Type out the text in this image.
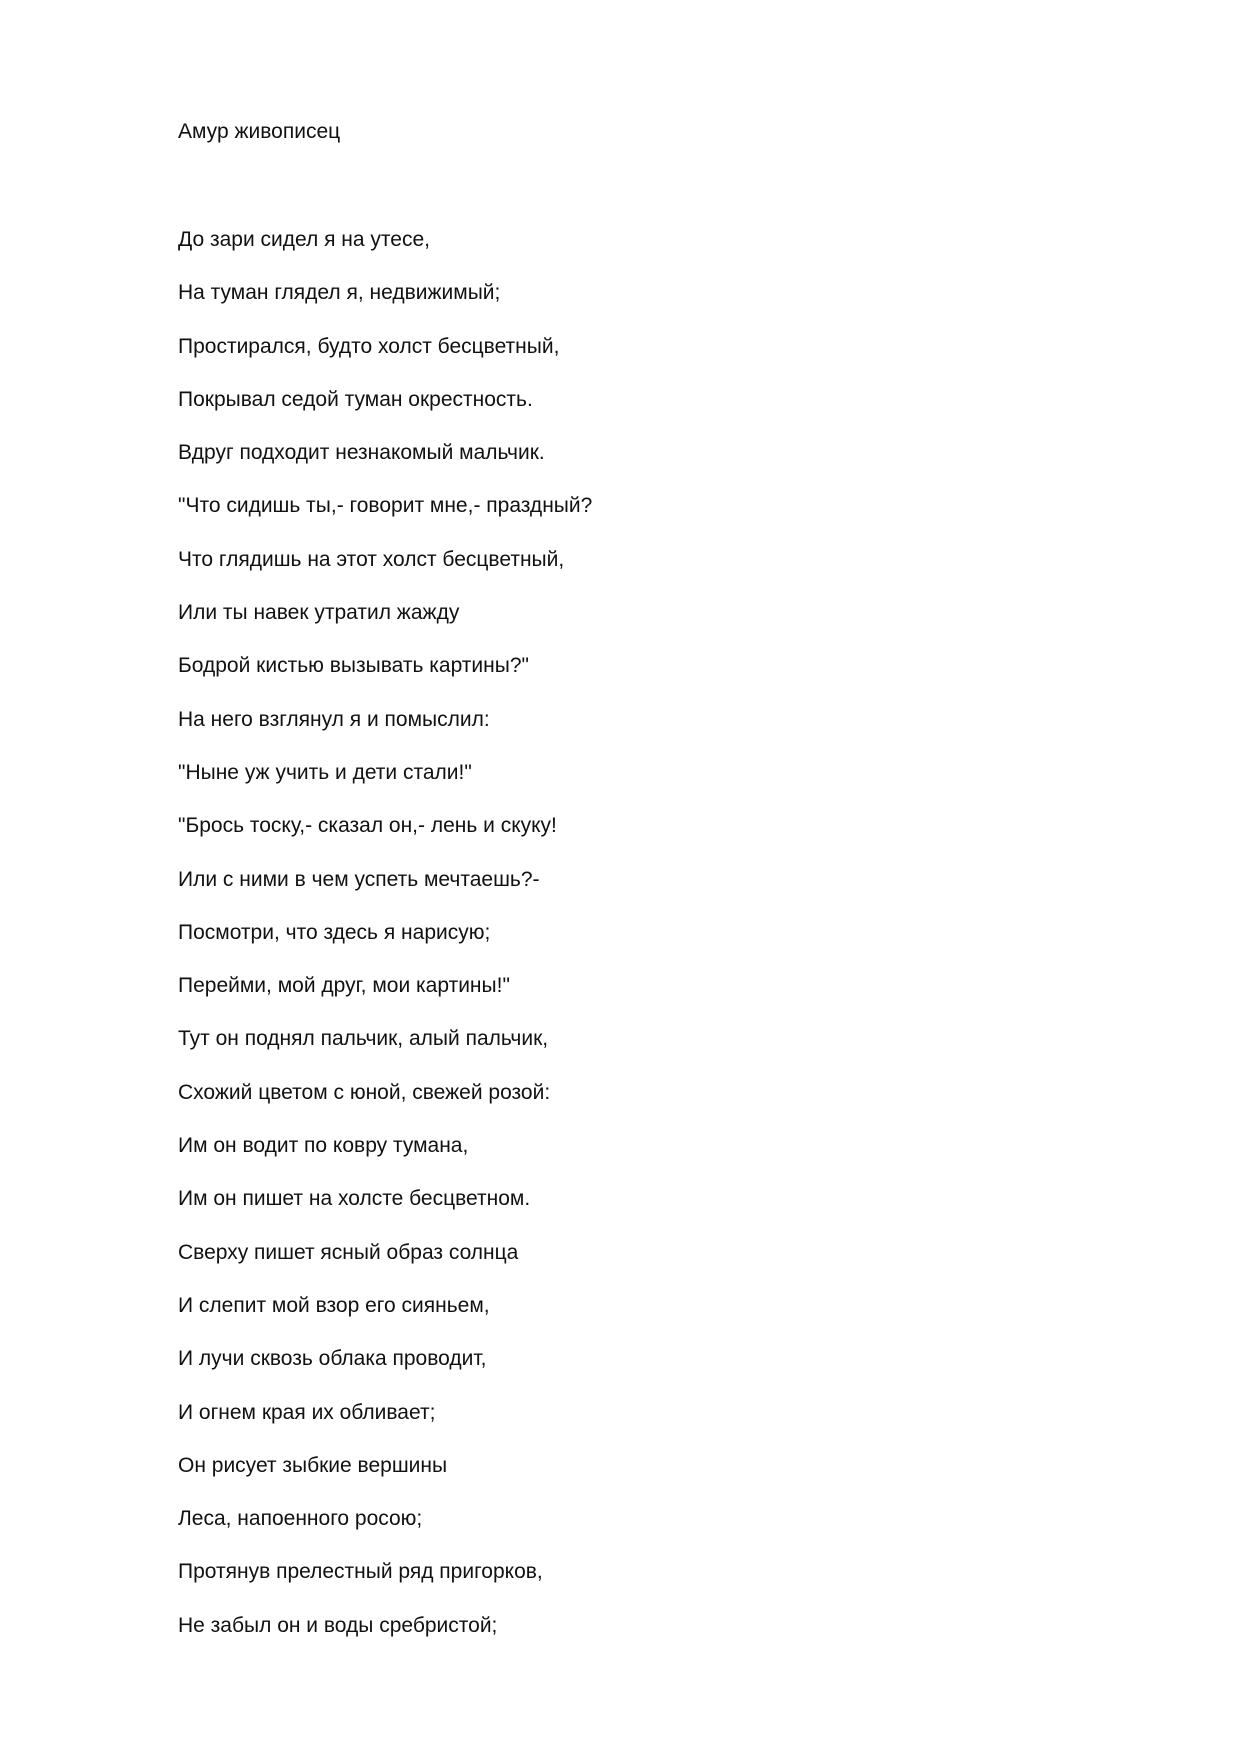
Амур живописец
До зари сидел я на утесе,
На туман глядел я, недвижимый;
Простирался, будто холст бесцветный,
Покрывал седой туман окрестность.
Вдруг подходит незнакомый мальчик.
"Что сидишь ты,- говорит мне,- праздный?
Что глядишь на этот холст бесцветный,
Или ты навек утратил жажду
Бодрой кистью вызывать картины?"
На него взглянул я и помыслил:
"Ныне уж учить и дети стали!"
"Брось тоску,- сказал он,- лень и скуку!
Или с ними в чем успеть мечтаешь?-
Посмотри, что здесь я нарисую;
Перейми, мой друг, мои картины!"
Тут он поднял пальчик, алый пальчик,
Схожий цветом с юной, свежей розой:
Им он водит по ковру тумана,
Им он пишет на холсте бесцветном.
Сверху пишет ясный образ солнца
И слепит мой взор его сияньем,
И лучи сквозь облака проводит,
И огнем края их обливает;
Он рисует зыбкие вершины
Леса, напоенного росою;
Протянув прелестный ряд пригорков,
Не забыл он и воды сребристой;
